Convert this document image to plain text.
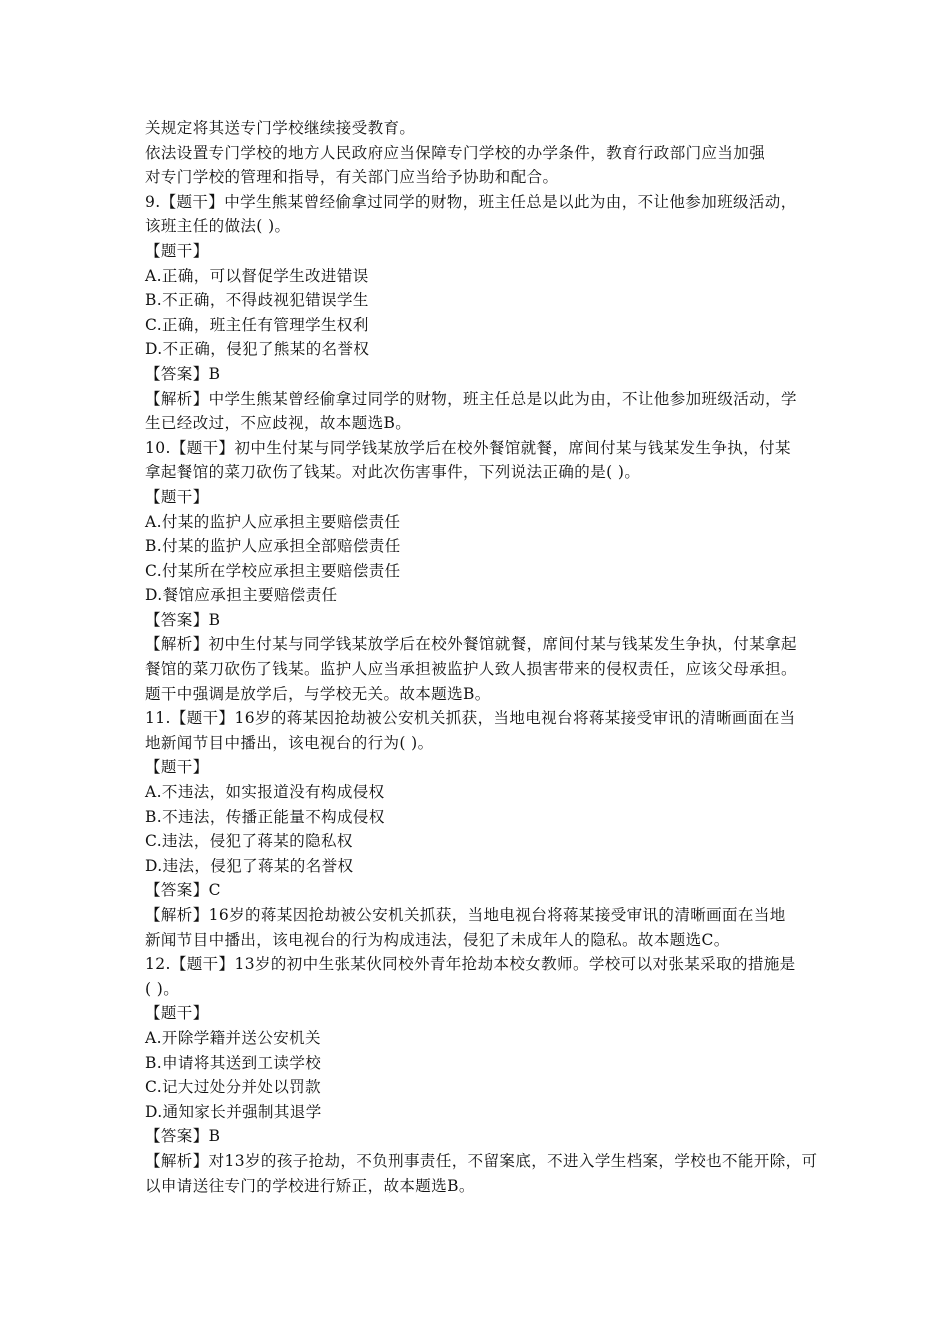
关规定将其送专门学校继续接受教育。
依法设置专门学校的地方人民政府应当保障专门学校的办学条件，教育行政部门应当加强
对专门学校的管理和指导，有关部门应当给予协助和配合。
9.【题干】中学生熊某曾经偷拿过同学的财物，班主任总是以此为由，不让他参加班级活动，
该班主任的做法( )。
【题干】
A.正确，可以督促学生改进错误
B.不正确，不得歧视犯错误学生
C.正确，班主任有管理学生权利
D.不正确，侵犯了熊某的名誉权
【答案】B
【解析】中学生熊某曾经偷拿过同学的财物，班主任总是以此为由，不让他参加班级活动，学
生已经改过，不应歧视，故本题选B。
10.【题干】初中生付某与同学钱某放学后在校外餐馆就餐，席间付某与钱某发生争执，付某
拿起餐馆的菜刀砍伤了钱某。对此次伤害事件，下列说法正确的是( )。
【题干】
A.付某的监护人应承担主要赔偿责任
B.付某的监护人应承担全部赔偿责任
C.付某所在学校应承担主要赔偿责任
D.餐馆应承担主要赔偿责任
【答案】B
【解析】初中生付某与同学钱某放学后在校外餐馆就餐，席间付某与钱某发生争执，付某拿起
餐馆的菜刀砍伤了钱某。监护人应当承担被监护人致人损害带来的侵权责任，应该父母承担。
题干中强调是放学后，与学校无关。故本题选B。
11.【题干】16岁的蒋某因抢劫被公安机关抓获，当地电视台将蒋某接受审讯的清晰画面在当
地新闻节目中播出，该电视台的行为( )。
【题干】
A.不违法，如实报道没有构成侵权
B.不违法，传播正能量不构成侵权
C.违法，侵犯了蒋某的隐私权
D.违法，侵犯了蒋某的名誉权
【答案】C
【解析】16岁的蒋某因抢劫被公安机关抓获，当地电视台将蒋某接受审讯的清晰画面在当地
新闻节目中播出，该电视台的行为构成违法，侵犯了未成年人的隐私。故本题选C。
12.【题干】13岁的初中生张某伙同校外青年抢劫本校女教师。学校可以对张某采取的措施是
( )。
【题干】
A.开除学籍并送公安机关
B.申请将其送到工读学校
C.记大过处分并处以罚款
D.通知家长并强制其退学
【答案】B
【解析】对13岁的孩子抢劫，不负刑事责任，不留案底，不进入学生档案，学校也不能开除，可
以申请送往专门的学校进行矫正，故本题选B。
